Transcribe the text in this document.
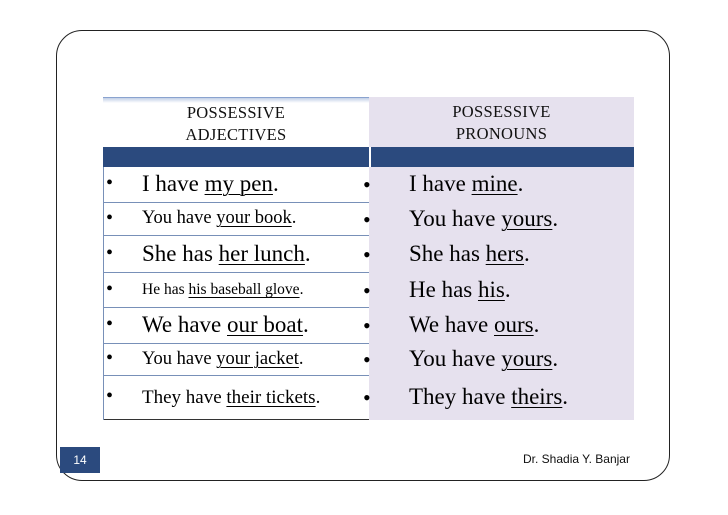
POSSESSIVE
ADJECTIVES
POSSESSIVE
PRONOUNS
• I have my pen.
• You have your book.
• She has her lunch.
• He has his baseball glove.
• We have our boat.
• You have your jacket.
• They have their tickets.
• I have mine.
• You have yours.
• She has hers.
• He has his.
• We have ours.
• You have yours.
• They have theirs.
14	Dr. Shadia Y. Banjar
